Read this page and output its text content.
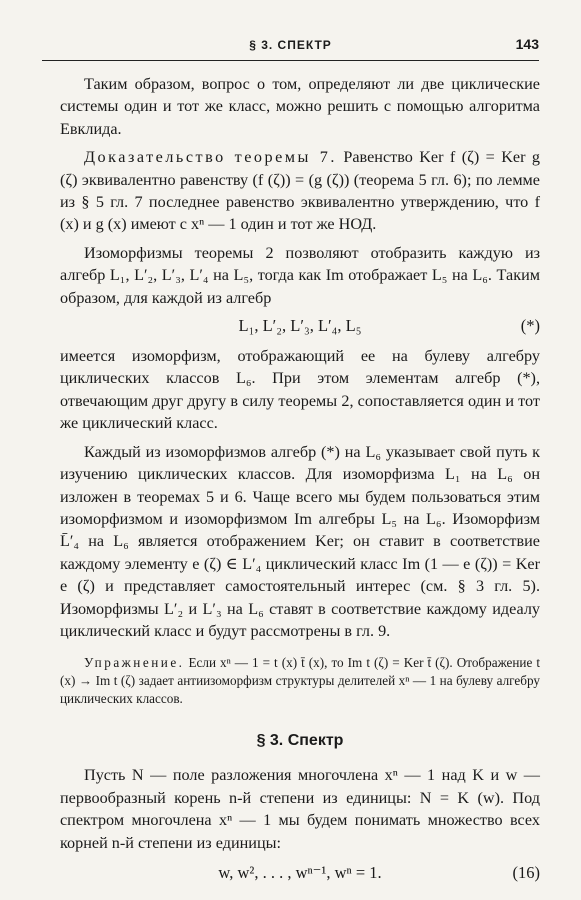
§ 3. СПЕКТР	143

Таким образом, вопрос о том, определяют ли две циклические системы один и тот же класс, можно решить с помощью алгоритма Евклида.

Доказательство теоремы 7. Равенство Ker f (ζ) = Ker g (ζ) эквивалентно равенству (f (ζ)) = (g (ζ)) (теорема 5 гл. 6); по лемме из § 5 гл. 7 последнее равенство эквивалентно утверждению, что f (x) и g (x) имеют с xⁿ — 1 один и тот же НОД.

Изоморфизмы теоремы 2 позволяют отобразить каждую из алгебр L₁, L′₂, L′₃, L′₄ на L₅, тогда как Im отображает L₅ на L₆. Таким образом, для каждой из алгебр

L₁, L′₂, L′₃, L′₄, L₅	(*)

имеется изоморфизм, отображающий ее на булеву алгебру циклических классов L₆. При этом элементам алгебр (*), отвечающим друг другу в силу теоремы 2, сопоставляется один и тот же циклический класс.

Каждый из изоморфизмов алгебр (*) на L₆ указывает свой путь к изучению циклических классов. Для изоморфизма L₁ на L₆ он изложен в теоремах 5 и 6. Чаще всего мы будем пользоваться этим изоморфизмом и изоморфизмом Im алгебры L₅ на L₆. Изоморфизм L̄′₄ на L₆ является отображением Ker; он ставит в соответствие каждому элементу e (ζ) ∈ L′₄ циклический класс Im (1 — e (ζ)) = Ker e (ζ) и представляет самостоятельный интерес (см. § 3 гл. 5). Изоморфизмы L′₂ и L′₃ на L₆ ставят в соответствие каждому идеалу циклический класс и будут рассмотрены в гл. 9.

Упражнение. Если xⁿ — 1 = t (x) t̄ (x), то Im t (ζ) = Ker t̄ (ζ). Отображение t (x) → Im t (ζ) задает антиизоморфизм структуры делителей xⁿ — 1 на булеву алгебру циклических классов.

§ 3. Спектр

Пусть N — поле разложения многочлена xⁿ — 1 над K и w — первообразный корень n-й степени из единицы: N = K (w). Под спектром многочлена xⁿ — 1 мы будем понимать множество всех корней n-й степени из единицы:

w, w², . . . , wⁿ⁻¹, wⁿ = 1.	(16)
